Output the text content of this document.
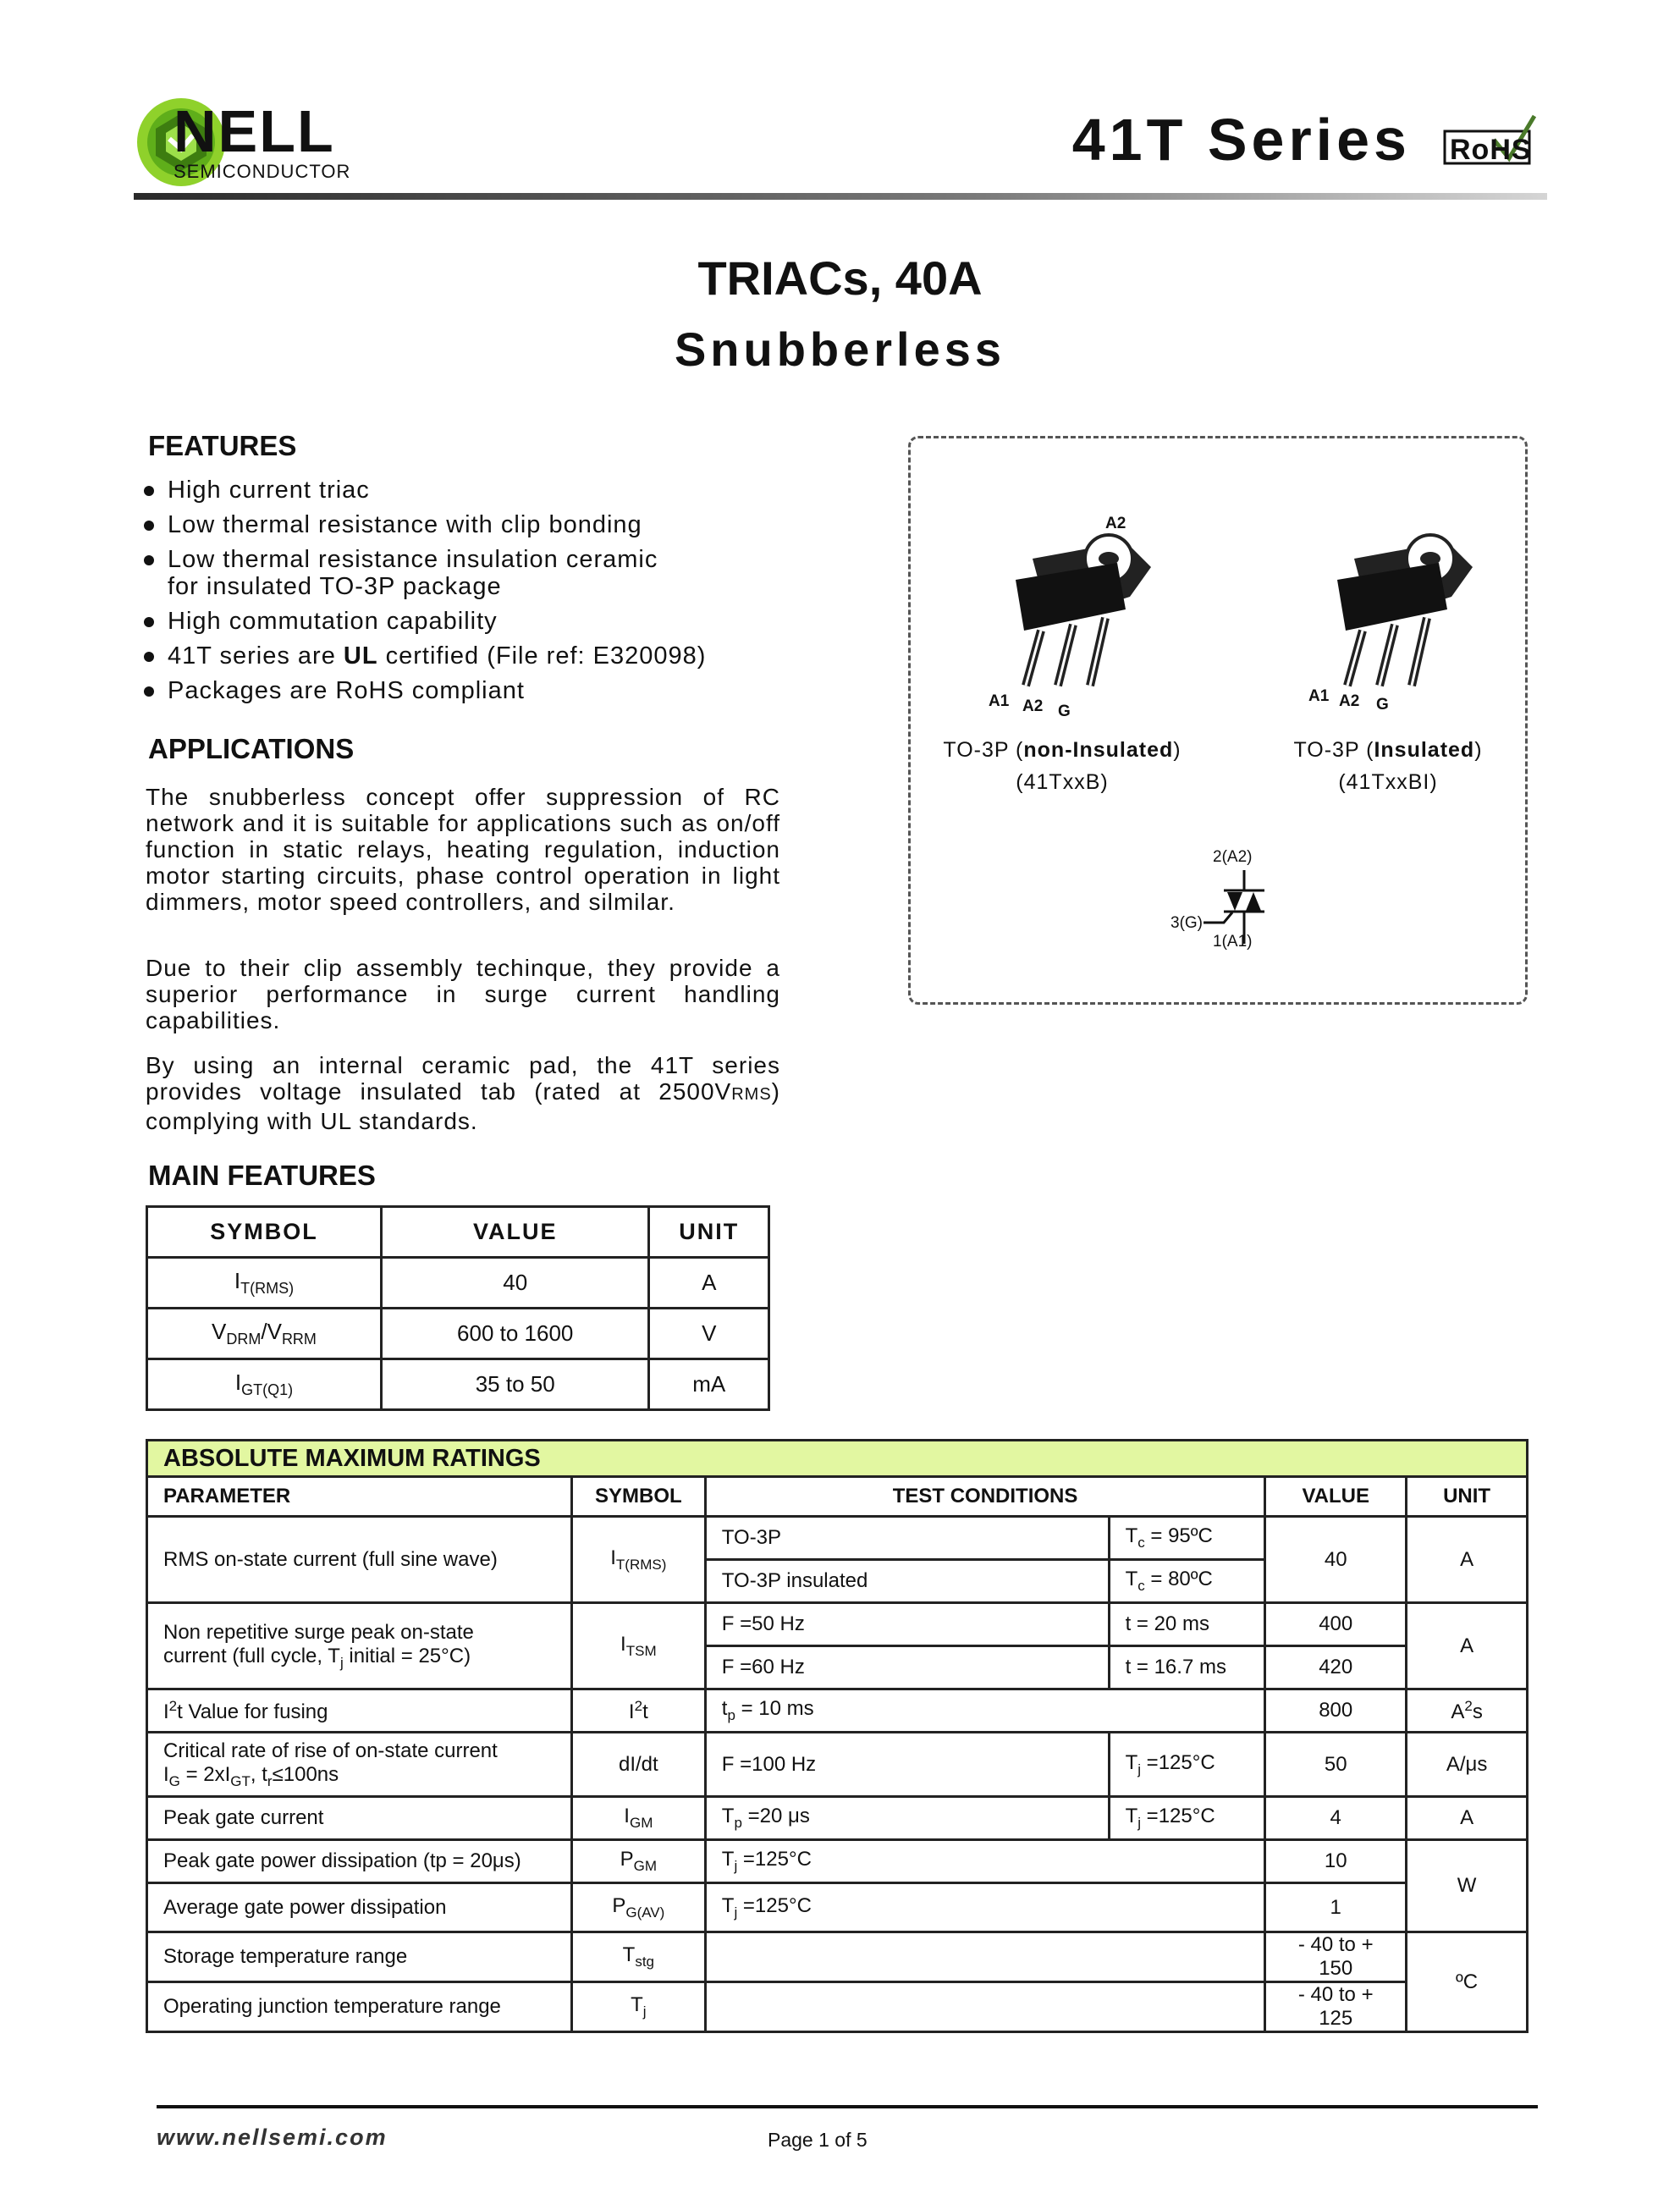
NELL
SEMICONDUCTOR	41T Series RoHS
TRIACs, 40A
Snubberless
FEATURES
High current triac
Low thermal resistance with clip bonding
Low thermal resistance insulation ceramic
for insulated TO-3P package
High commutation capability
41T series are UL certified (File ref: E320098)
Packages are RoHS compliant
APPLICATIONS

The snubberless concept offer suppression of RC network and it is suitable for applications such as on/off function in static relays, heating regulation, induction motor starting circuits, phase control operation in light dimmers, motor speed controllers, and silmilar.

Due to their clip assembly techinque, they provide a superior performance in surge current handling capabilities.

By using an internal ceramic pad, the 41T series provides voltage insulated tab (rated at 2500VRMS) complying with UL standards.

A2
A1 A2 G
TO-3P (non-Insulated)
(41TxxB)
A1 A2 G
TO-3P (Insulated)
(41TxxBI)
2(A2)
3(G)
1(A1)
MAIN FEATURES
SYMBOL	VALUE	UNIT
$I_{T(RMS)}$	40	A
$V_{DRM}/V_{RRM}$	600 to 1600	V
$I_{GT(Q1)}$	35 to 50	mA
ABSOLUTE MAXIMUM RATINGS					
PARAMETER	SYMBOL	TEST CONDITIONS		VALUE	UNIT
RMS on-state current (full sine wave)	$I_{T(RMS)}$	TO-3P	$T_c$ = 95ºC	40	A
		TO-3P insulated	$T_c$ = 80ºC		
Non repetitive surge peak on-state
current (full cycle, $T_j$ initial = 25°C)	$I_{TSM}$	F =50 Hz	t = 20 ms	400	A
		F =60 Hz	t = 16.7 ms	420	
$I^2t$ Value for fusing	$I^2t$	$t_p = 10$ ms		800	$A^2s$
Critical rate of rise of on-state current
$I_G = 2xI_{GT}$, $t_r\le 100ns$	dI/dt	F =100 Hz	$T_j =125^\circ C$	50	A/μs
Peak gate current	$I_{GM}$	$T_p =20$ μs	$T_j =125^\circ C$	4	A
Peak gate power dissipation (tp = 20μs)	$P_{GM}$	$T_j =125^\circ C$		10	W
Average gate power dissipation	$P_{G(AV)}$	$T_j =125^\circ C$		1	
Storage temperature range	$T_{stg}$			- 40 to + 150	ºC
Operating junction temperature range	$T_j$			- 40 to + 125	
www.nellsemi.com	Page 1 of 5
